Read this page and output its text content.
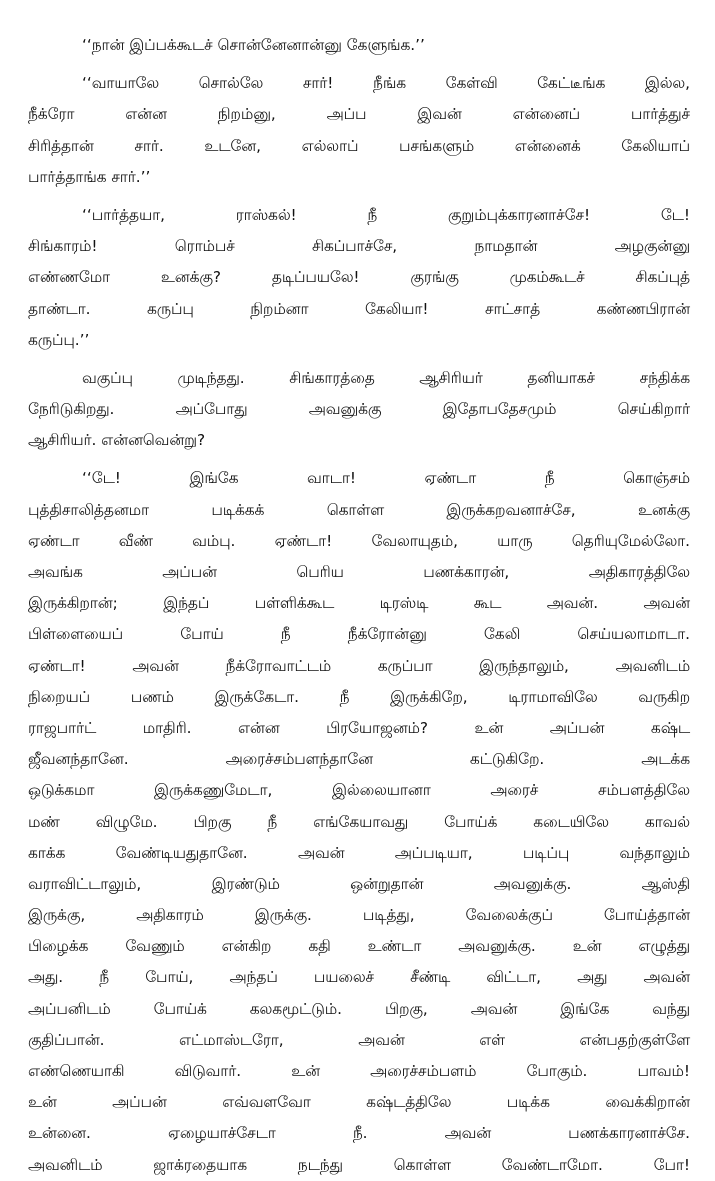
‘‘நான் இப்பக்கூடச் சொன்னேனான்னு கேளுங்க.’’
‘‘வாயாலே சொல்லே சார்! நீங்க கேள்வி கேட்டீங்க இல்ல,
நீக்ரோ என்ன நிறம்னு, அப்ப இவன் என்னைப் பார்த்துச்
சிரித்தான் சார். உடனே, எல்லாப் பசங்களும் என்னைக் கேலியாப்
பார்த்தாங்க சார்.’’
‘‘பார்த்தயா, ராஸ்கல்! நீ குறும்புக்காரனாச்சே! டே!
சிங்காரம்! ரொம்பச் சிகப்பாச்சே, நாமதான் அழகுன்னு
எண்ணமோ உனக்கு? தடிப்பயலே! குரங்கு முகம்கூடச் சிகப்புத்
தாண்டா. கருப்பு நிறம்னா கேலியா! சாட்சாத் கண்ணபிரான்
கருப்பு.’’
வகுப்பு முடிந்தது. சிங்காரத்தை ஆசிரியர் தனியாகச் சந்திக்க
நேரிடுகிறது. அப்போது அவனுக்கு இதோபதேசமும் செய்கிறார்
ஆசிரியர். என்னவென்று?
‘‘டே! இங்கே வாடா! ஏண்டா நீ கொஞ்சம்
புத்திசாலித்தனமா படிக்கக் கொள்ள இருக்கறவனாச்சே, உனக்கு
ஏண்டா வீண் வம்பு. ஏண்டா! வேலாயுதம், யாரு தெரியுமேல்லோ.
அவங்க அப்பன் பெரிய பணக்காரன், அதிகாரத்திலே
இருக்கிறான்; இந்தப் பள்ளிக்கூட டிரஸ்டி கூட அவன். அவன்
பிள்ளையைப் போய் நீ நீக்ரோன்னு கேலி செய்யலாமாடா.
ஏண்டா! அவன் நீக்ரோவாட்டம் கருப்பா இருந்தாலும், அவனிடம்
நிறையப் பணம் இருக்கேடா. நீ இருக்கிறே, டிராமாவிலே வருகிற
ராஜபார்ட் மாதிரி. என்ன பிரயோஜனம்? உன் அப்பன் கஷ்ட
ஜீவனந்தானே. அரைச்சம்பளந்தானே கட்டுகிறே. அடக்க
ஒடுக்கமா இருக்கணுமேடா, இல்லையானா அரைச் சம்பளத்திலே
மண் விழுமே. பிறகு நீ எங்கேயாவது போய்க் கடையிலே காவல்
காக்க வேண்டியதுதானே. அவன் அப்படியா, படிப்பு வந்தாலும்
வராவிட்டாலும், இரண்டும் ஒன்றுதான் அவனுக்கு. ஆஸ்தி
இருக்கு, அதிகாரம் இருக்கு. படித்து, வேலைக்குப் போய்த்தான்
பிழைக்க வேணும் என்கிற கதி உண்டா அவனுக்கு. உன் எழுத்து
அது. நீ போய், அந்தப் பயலைச் சீண்டி விட்டா, அது அவன்
அப்பனிடம் போய்க் கலகமூட்டும். பிறகு, அவன் இங்கே வந்து
குதிப்பான். எட்மாஸ்டரோ, அவன் எள் என்பதற்குள்ளே
எண்ணெயாகி விடுவார். உன் அரைச்சம்பளம் போகும். பாவம்!
உன் அப்பன் எவ்வளவோ கஷ்டத்திலே படிக்க வைக்கிறான்
உன்னை. ஏழையாச்சேடா நீ. அவன் பணக்காரனாச்சே.
அவனிடம் ஜாக்ரதையாக நடந்து கொள்ள வேண்டாமோ. போ!
